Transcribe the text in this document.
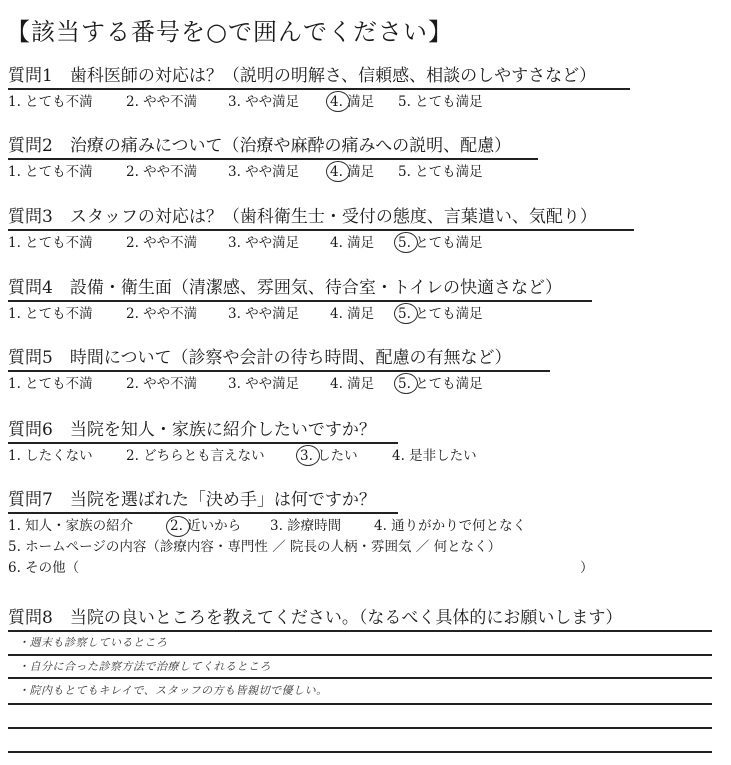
【該当する番号を○で囲んでください】
質問1　歯科医師の対応は？（説明の明解さ、信頼感、相談のしやすさなど）
1. とても不満 2. やや不満 3. やや満足 4. 満足 5. とても満足
質問2　治療の痛みについて（治療や麻酔の痛みへの説明、配慮）
1. とても不満 2. やや不満 3. やや満足 4. 満足 5. とても満足
質問3　スタッフの対応は？（歯科衛生士・受付の態度、言葉遣い、気配り）
1. とても不満 2. やや不満 3. やや満足 4. 満足 5. とても満足
質問4　設備・衛生面（清潔感、雰囲気、待合室・トイレの快適さなど）
1. とても不満 2. やや不満 3. やや満足 4. 満足 5. とても満足
質問5　時間について（診察や会計の待ち時間、配慮の有無など）
1. とても不満 2. やや不満 3. やや満足 4. 満足 5. とても満足
質問6　当院を知人・家族に紹介したいですか？
1. したくない 2. どちらとも言えない	3. したい	4. 是非したい
質問7　当院を選ばれた「決め手」は何ですか？
1. 知人・家族の紹介	2. 近いから 3. 診療時間 4. 通りがかりで何となく
5. ホームページの内容（診療内容・専門性 ／ 院長の人柄・雰囲気 ／ 何となく）
6. その他（	）
質問8　当院の良いところを教えてください。（なるべく具体的にお願いします）
・週末も診察しているところ
・自分に合った診察方法で治療してくれるところ
・院内もとてもキレイで、スタッフの方も皆親切で優しい。
